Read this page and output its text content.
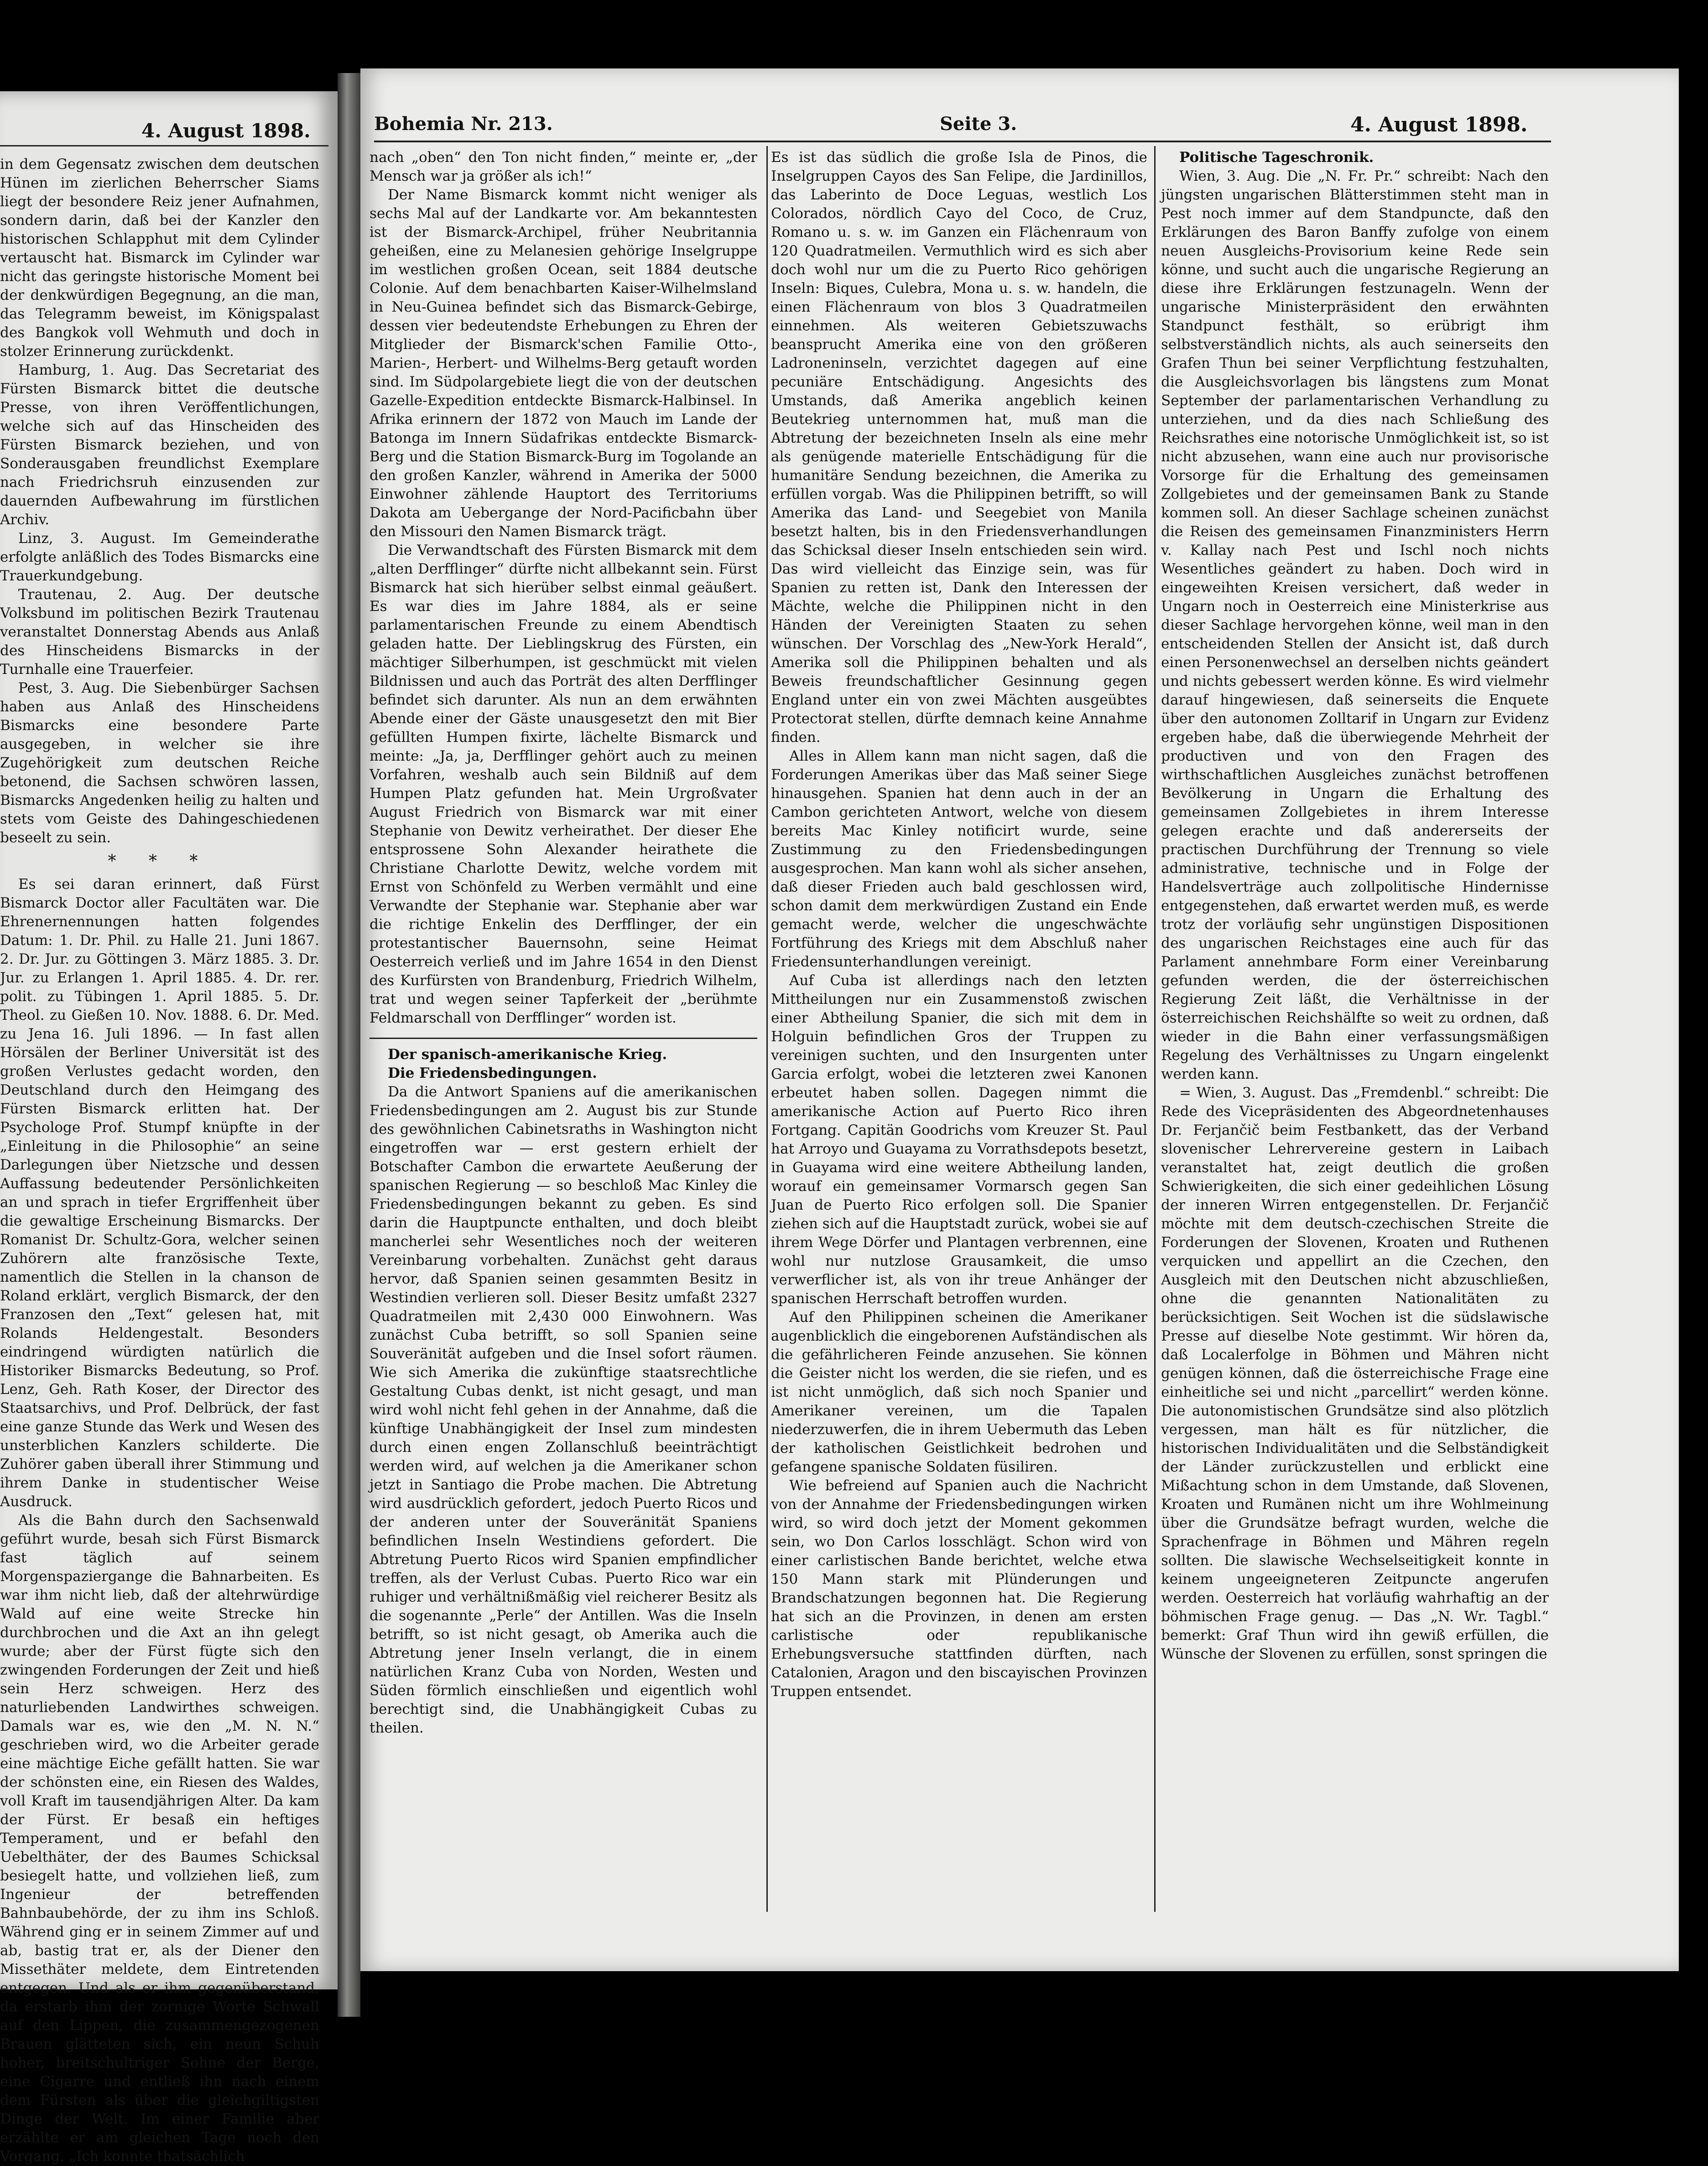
4. August 1898.

in dem Gegensatz zwischen dem deutschen Hünen im zierlichen Beherrscher Siams liegt der besondere Reiz jener Aufnahmen, sondern darin, daß bei der Kanzler den historischen Schlapphut mit dem Cylinder vertauscht hat. Bismarck im Cylinder war nicht das geringste historische Moment bei der denkwürdigen Begegnung, an die man, das Telegramm beweist, im Königspalast des Bangkok voll Wehmuth und doch in stolzer Erinnerung zurückdenkt.

Hamburg, 1. Aug. Das Secretariat des Fürsten Bismarck bittet die deutsche Presse, von ihren Veröffentlichungen, welche sich auf das Hinscheiden des Fürsten Bismarck beziehen, und von Sonderausgaben freundlichst Exemplare nach Friedrichsruh einzusenden zur dauernden Aufbewahrung im fürstlichen Archiv.

Linz, 3. August. Im Gemeinderathe erfolgte anläßlich des Todes Bismarcks eine Trauerkundgebung.

Trautenau, 2. Aug. Der deutsche Volksbund im politischen Bezirk Trautenau veranstaltet Donnerstag Abends aus Anlaß des Hinscheidens Bismarcks in der Turnhalle eine Trauerfeier.

Pest, 3. Aug. Die Siebenbürger Sachsen haben aus Anlaß des Hinscheidens Bismarcks eine besondere Parte ausgegeben, in welcher sie ihre Zugehörigkeit zum deutschen Reiche betonend, die Sachsen schwören lassen, Bismarcks Angedenken heilig zu halten und stets vom Geiste des Dahingeschiedenen beseelt zu sein.

* * *

Es sei daran erinnert, daß Fürst Bismarck Doctor aller Facultäten war. Die Ehrenernennungen hatten folgendes Datum: 1. Dr. Phil. zu Halle 21. Juni 1867. 2. Dr. Jur. zu Göttingen 3. März 1885. 3. Dr. Jur. zu Erlangen 1. April 1885. 4. Dr. rer. polit. zu Tübingen 1. April 1885. 5. Dr. Theol. zu Gießen 10. Nov. 1888. 6. Dr. Med. zu Jena 16. Juli 1896. — In fast allen Hörsälen der Berliner Universität ist des großen Verlustes gedacht worden, den Deutschland durch den Heimgang des Fürsten Bismarck erlitten hat. Der Psychologe Prof. Stumpf knüpfte in der „Einleitung in die Philosophie“ an seine Darlegungen über Nietzsche und dessen Auffassung bedeutender Persönlichkeiten an und sprach in tiefer Ergriffenheit über die gewaltige Erscheinung Bismarcks. Der Romanist Dr. Schultz-Gora, welcher seinen Zuhörern alte französische Texte, namentlich die Stellen in la chanson de Roland erklärt, verglich Bismarck, der den Franzosen den „Text“ gelesen hat, mit Rolands Heldengestalt. Besonders eindringend würdigten natürlich die Historiker Bismarcks Bedeutung, so Prof. Lenz, Geh. Rath Koser, der Director des Staatsarchivs, und Prof. Delbrück, der fast eine ganze Stunde das Werk und Wesen des unsterblichen Kanzlers schilderte. Die Zuhörer gaben überall ihrer Stimmung und ihrem Danke in studentischer Weise Ausdruck.

Als die Bahn durch den Sachsenwald geführt wurde, besah sich Fürst Bismarck fast täglich auf seinem Morgenspaziergange die Bahnarbeiten. Es war ihm nicht lieb, daß der altehrwürdige Wald auf eine weite Strecke hin durchbrochen und die Axt an ihn gelegt wurde; aber der Fürst fügte sich den zwingenden Forderungen der Zeit und hieß sein Herz schweigen. Herz des naturliebenden Landwirthes schweigen. Damals war es, wie den „M. N. N.“ geschrieben wird, wo die Arbeiter gerade eine mächtige Eiche gefällt hatten. Sie war der schönsten eine, ein Riesen des Waldes, voll Kraft im tausendjährigen Alter. Da kam der Fürst. Er besaß ein heftiges Temperament, und er befahl den Uebelthäter, der des Baumes Schicksal besiegelt hatte, und vollziehen ließ, zum Ingenieur der betreffenden Bahnbaubehörde, der zu ihm ins Schloß. Während ging er in seinem Zimmer auf und ab, bastig trat er, als der Diener den Missethäter meldete, dem Eintretenden entgegen. Und als er ihm gegenüberstand, da erstarb ihm der zornige Worte Schwall auf den Lippen, die zusammengezogenen Brauen glätteten sich, ein neun Schuh hoher, breitschultriger Sohne der Berge, eine Cigarre und entließ ihn nach einem dem Fürsten als über die gleichgiltigsten Dinge der Welt. Im einer Familie aber erzählte er am gleichen Tage noch den Vorgang. „Ich konnte thatsächlich

Bohemia Nr. 213.	Seite 3.	4. August 1898.

nach „oben“ den Ton nicht finden,“ meinte er, „der Mensch war ja größer als ich!“

Der Name Bismarck kommt nicht weniger als sechs Mal auf der Landkarte vor. Am bekanntesten ist der Bismarck-Archipel, früher Neubritannia geheißen, eine zu Melanesien gehörige Inselgruppe im westlichen großen Ocean, seit 1884 deutsche Colonie. Auf dem benachbarten Kaiser-Wilhelmsland in Neu-Guinea befindet sich das Bismarck-Gebirge, dessen vier bedeutendste Erhebungen zu Ehren der Mitglieder der Bismarck'schen Familie Otto-, Marien-, Herbert- und Wilhelms-Berg getauft worden sind. Im Südpolargebiete liegt die von der deutschen Gazelle-Expedition entdeckte Bismarck-Halbinsel. In Afrika erinnern der 1872 von Mauch im Lande der Batonga im Innern Südafrikas entdeckte Bismarck-Berg und die Station Bismarck-Burg im Togolande an den großen Kanzler, während in Amerika der 5000 Einwohner zählende Hauptort des Territoriums Dakota am Uebergange der Nord-Pacificbahn über den Missouri den Namen Bismarck trägt.

Die Verwandtschaft des Fürsten Bismarck mit dem „alten Derfflinger“ dürfte nicht allbekannt sein. Fürst Bismarck hat sich hierüber selbst einmal geäußert. Es war dies im Jahre 1884, als er seine parlamentarischen Freunde zu einem Abendtisch geladen hatte. Der Lieblingskrug des Fürsten, ein mächtiger Silberhumpen, ist geschmückt mit vielen Bildnissen und auch das Porträt des alten Derfflinger befindet sich darunter. Als nun an dem erwähnten Abende einer der Gäste unausgesetzt den mit Bier gefüllten Humpen fixirte, lächelte Bismarck und meinte: „Ja, ja, Derfflinger gehört auch zu meinen Vorfahren, weshalb auch sein Bildniß auf dem Humpen Platz gefunden hat. Mein Urgroßvater August Friedrich von Bismarck war mit einer Stephanie von Dewitz verheirathet. Der dieser Ehe entsprossene Sohn Alexander heirathete die Christiane Charlotte Dewitz, welche vordem mit Ernst von Schönfeld zu Werben vermählt und eine Verwandte der Stephanie war. Stephanie aber war die richtige Enkelin des Derfflinger, der ein protestantischer Bauernsohn, seine Heimat Oesterreich verließ und im Jahre 1654 in den Dienst des Kurfürsten von Brandenburg, Friedrich Wilhelm, trat und wegen seiner Tapferkeit der „berühmte Feldmarschall von Derfflinger“ worden ist.

Der spanisch-amerikanische Krieg.

Die Friedensbedingungen.

Da die Antwort Spaniens auf die amerikanischen Friedensbedingungen am 2. August bis zur Stunde des gewöhnlichen Cabinetsraths in Washington nicht eingetroffen war — erst gestern erhielt der Botschafter Cambon die erwartete Aeußerung der spanischen Regierung — so beschloß Mac Kinley die Friedensbedingungen bekannt zu geben. Es sind darin die Hauptpuncte enthalten, und doch bleibt mancherlei sehr Wesentliches noch der weiteren Vereinbarung vorbehalten. Zunächst geht daraus hervor, daß Spanien seinen gesammten Besitz in Westindien verlieren soll. Dieser Besitz umfaßt 2327 Quadratmeilen mit 2,430 000 Einwohnern. Was zunächst Cuba betrifft, so soll Spanien seine Souveränität aufgeben und die Insel sofort räumen. Wie sich Amerika die zukünftige staatsrechtliche Gestaltung Cubas denkt, ist nicht gesagt, und man wird wohl nicht fehl gehen in der Annahme, daß die künftige Unabhängigkeit der Insel zum mindesten durch einen engen Zollanschluß beeinträchtigt werden wird, auf welchen ja die Amerikaner schon jetzt in Santiago die Probe machen. Die Abtretung wird ausdrücklich gefordert, jedoch Puerto Ricos und der anderen unter der Souveränität Spaniens befindlichen Inseln Westindiens gefordert. Die Abtretung Puerto Ricos wird Spanien empfindlicher treffen, als der Verlust Cubas. Puerto Rico war ein ruhiger und verhältnißmäßig viel reicherer Besitz als die sogenannte „Perle“ der Antillen. Was die Inseln betrifft, so ist nicht gesagt, ob Amerika auch die Abtretung jener Inseln verlangt, die in einem natürlichen Kranz Cuba von Norden, Westen und Süden förmlich einschließen und eigentlich wohl berechtigt sind, die Unabhängigkeit Cubas zu theilen.

Es ist das südlich die große Isla de Pinos, die Inselgruppen Cayos des San Felipe, die Jardinillos, das Laberinto de Doce Leguas, westlich Los Colorados, nördlich Cayo del Coco, de Cruz, Romano u. s. w. im Ganzen ein Flächenraum von 120 Quadratmeilen. Vermuthlich wird es sich aber doch wohl nur um die zu Puerto Rico gehörigen Inseln: Biques, Culebra, Mona u. s. w. handeln, die einen Flächenraum von blos 3 Quadratmeilen einnehmen. Als weiteren Gebietszuwachs beansprucht Amerika eine von den größeren Ladroneninseln, verzichtet dagegen auf eine pecuniäre Entschädigung. Angesichts des Umstands, daß Amerika angeblich keinen Beutekrieg unternommen hat, muß man die Abtretung der bezeichneten Inseln als eine mehr als genügende materielle Entschädigung für die humanitäre Sendung bezeichnen, die Amerika zu erfüllen vorgab. Was die Philippinen betrifft, so will Amerika das Land- und Seegebiet von Manila besetzt halten, bis in den Friedensverhandlungen das Schicksal dieser Inseln entschieden sein wird. Das wird vielleicht das Einzige sein, was für Spanien zu retten ist, Dank den Interessen der Mächte, welche die Philippinen nicht in den Händen der Vereinigten Staaten zu sehen wünschen. Der Vorschlag des „New-York Herald“, Amerika soll die Philippinen behalten und als Beweis freundschaftlicher Gesinnung gegen England unter ein von zwei Mächten ausgeübtes Protectorat stellen, dürfte demnach keine Annahme finden.

Alles in Allem kann man nicht sagen, daß die Forderungen Amerikas über das Maß seiner Siege hinausgehen. Spanien hat denn auch in der an Cambon gerichteten Antwort, welche von diesem bereits Mac Kinley notificirt wurde, seine Zustimmung zu den Friedensbedingungen ausgesprochen. Man kann wohl als sicher ansehen, daß dieser Frieden auch bald geschlossen wird, schon damit dem merkwürdigen Zustand ein Ende gemacht werde, welcher die ungeschwächte Fortführung des Kriegs mit dem Abschluß naher Friedensunterhandlungen vereinigt.

Auf Cuba ist allerdings nach den letzten Mittheilungen nur ein Zusammenstoß zwischen einer Abtheilung Spanier, die sich mit dem in Holguin befindlichen Gros der Truppen zu vereinigen suchten, und den Insurgenten unter Garcia erfolgt, wobei die letzteren zwei Kanonen erbeutet haben sollen. Dagegen nimmt die amerikanische Action auf Puerto Rico ihren Fortgang. Capitän Goodrichs vom Kreuzer St. Paul hat Arroyo und Guayama zu Vorrathsdepots besetzt, in Guayama wird eine weitere Abtheilung landen, worauf ein gemeinsamer Vormarsch gegen San Juan de Puerto Rico erfolgen soll. Die Spanier ziehen sich auf die Hauptstadt zurück, wobei sie auf ihrem Wege Dörfer und Plantagen verbrennen, eine wohl nur nutzlose Grausamkeit, die umso verwerflicher ist, als von ihr treue Anhänger der spanischen Herrschaft betroffen wurden.

Auf den Philippinen scheinen die Amerikaner augenblicklich die eingeborenen Aufständischen als die gefährlicheren Feinde anzusehen. Sie können die Geister nicht los werden, die sie riefen, und es ist nicht unmöglich, daß sich noch Spanier und Amerikaner vereinen, um die Tapalen niederzuwerfen, die in ihrem Uebermuth das Leben der katholischen Geistlichkeit bedrohen und gefangene spanische Soldaten füsiliren.

Wie befreiend auf Spanien auch die Nachricht von der Annahme der Friedensbedingungen wirken wird, so wird doch jetzt der Moment gekommen sein, wo Don Carlos losschlägt. Schon wird von einer carlistischen Bande berichtet, welche etwa 150 Mann stark mit Plünderungen und Brandschatzungen begonnen hat. Die Regierung hat sich an die Provinzen, in denen am ersten carlistische oder republikanische Erhebungsversuche stattfinden dürften, nach Catalonien, Aragon und den biscayischen Provinzen Truppen entsendet.

Politische Tageschronik.

Wien, 3. Aug. Die „N. Fr. Pr.“ schreibt: Nach den jüngsten ungarischen Blätterstimmen steht man in Pest noch immer auf dem Standpuncte, daß den Erklärungen des Baron Banffy zufolge von einem neuen Ausgleichs-Provisorium keine Rede sein könne, und sucht auch die ungarische Regierung an diese ihre Erklärungen festzunageln. Wenn der ungarische Ministerpräsident den erwähnten Standpunct festhält, so erübrigt ihm selbstverständlich nichts, als auch seinerseits den Grafen Thun bei seiner Verpflichtung festzuhalten, die Ausgleichsvorlagen bis längstens zum Monat September der parlamentarischen Verhandlung zu unterziehen, und da dies nach Schließung des Reichsrathes eine notorische Unmöglichkeit ist, so ist nicht abzusehen, wann eine auch nur provisorische Vorsorge für die Erhaltung des gemeinsamen Zollgebietes und der gemeinsamen Bank zu Stande kommen soll. An dieser Sachlage scheinen zunächst die Reisen des gemeinsamen Finanzministers Herrn v. Kallay nach Pest und Ischl noch nichts Wesentliches geändert zu haben. Doch wird in eingeweihten Kreisen versichert, daß weder in Ungarn noch in Oesterreich eine Ministerkrise aus dieser Sachlage hervorgehen könne, weil man in den entscheidenden Stellen der Ansicht ist, daß durch einen Personenwechsel an derselben nichts geändert und nichts gebessert werden könne. Es wird vielmehr darauf hingewiesen, daß seinerseits die Enquete über den autonomen Zolltarif in Ungarn zur Evidenz ergeben habe, daß die überwiegende Mehrheit der productiven und von den Fragen des wirthschaftlichen Ausgleiches zunächst betroffenen Bevölkerung in Ungarn die Erhaltung des gemeinsamen Zollgebietes in ihrem Interesse gelegen erachte und daß andererseits der practischen Durchführung der Trennung so viele administrative, technische und in Folge der Handelsverträge auch zollpolitische Hindernisse entgegenstehen, daß erwartet werden muß, es werde trotz der vorläufig sehr ungünstigen Dispositionen des ungarischen Reichstages eine auch für das Parlament annehmbare Form einer Vereinbarung gefunden werden, die der österreichischen Regierung Zeit läßt, die Verhältnisse in der österreichischen Reichshälfte so weit zu ordnen, daß wieder in die Bahn einer verfassungsmäßigen Regelung des Verhältnisses zu Ungarn eingelenkt werden kann.

= Wien, 3. August. Das „Fremdenbl.“ schreibt: Die Rede des Vicepräsidenten des Abgeordnetenhauses Dr. Ferjančič beim Festbankett, das der Verband slovenischer Lehrervereine gestern in Laibach veranstaltet hat, zeigt deutlich die großen Schwierigkeiten, die sich einer gedeihlichen Lösung der inneren Wirren entgegenstellen. Dr. Ferjančič möchte mit dem deutsch-czechischen Streite die Forderungen der Slovenen, Kroaten und Ruthenen verquicken und appellirt an die Czechen, den Ausgleich mit den Deutschen nicht abzuschließen, ohne die genannten Nationalitäten zu berücksichtigen. Seit Wochen ist die südslawische Presse auf dieselbe Note gestimmt. Wir hören da, daß Localerfolge in Böhmen und Mähren nicht genügen können, daß die österreichische Frage eine einheitliche sei und nicht „parcellirt“ werden könne. Die autonomistischen Grundsätze sind also plötzlich vergessen, man hält es für nützlicher, die historischen Individualitäten und die Selbständigkeit der Länder zurückzustellen und erblickt eine Mißachtung schon in dem Umstande, daß Slovenen, Kroaten und Rumänen nicht um ihre Wohlmeinung über die Grundsätze befragt wurden, welche die Sprachenfrage in Böhmen und Mähren regeln sollten. Die slawische Wechselseitigkeit konnte in keinem ungeeigneteren Zeitpuncte angerufen werden. Oesterreich hat vorläufig wahrhaftig an der böhmischen Frage genug. — Das „N. Wr. Tagbl.“ bemerkt: Graf Thun wird ihn gewiß erfüllen, die Wünsche der Slovenen zu erfüllen, sonst springen die
